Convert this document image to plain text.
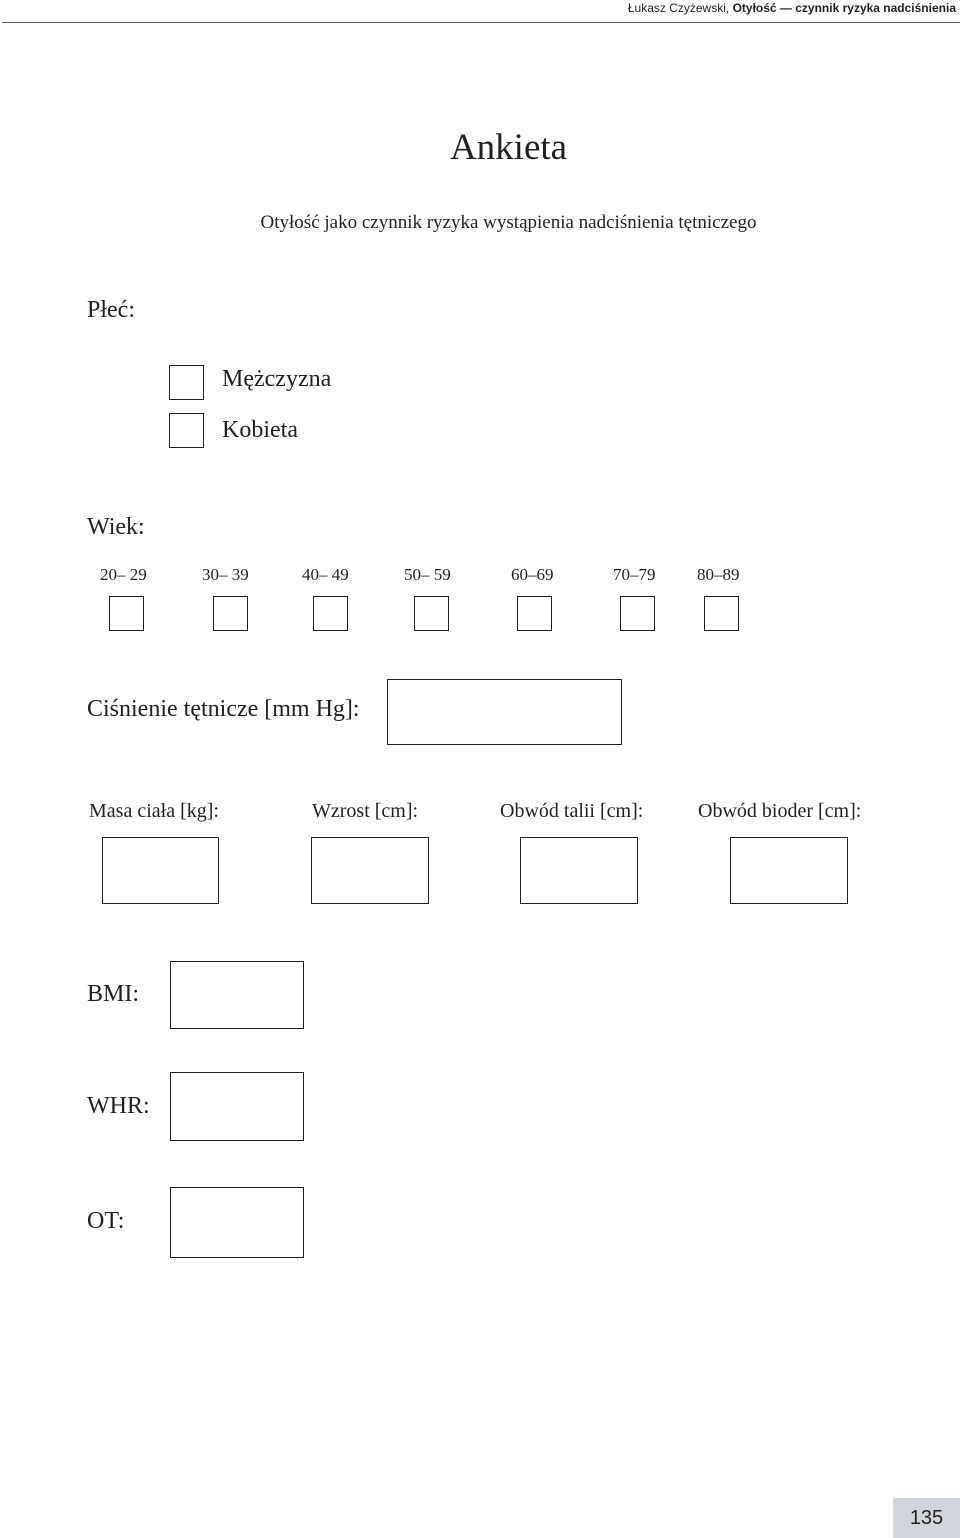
Łukasz Czyżewski, Otyłość — czynnik ryzyka nadciśnienia
Ankieta
Otyłość jako czynnik ryzyka wystąpienia nadciśnienia tętniczego
Płeć:
Mężczyzna
Kobieta
Wiek:
20– 29	30– 39	40– 49	50– 59	60–69	70–79 80–89
Ciśnienie tętnicze [mm Hg]:
Masa ciała [kg]:	Wzrost [cm]:	Obwód talii [cm]:	Obwód bioder [cm]:
BMI:
WHR:
OT:
135
